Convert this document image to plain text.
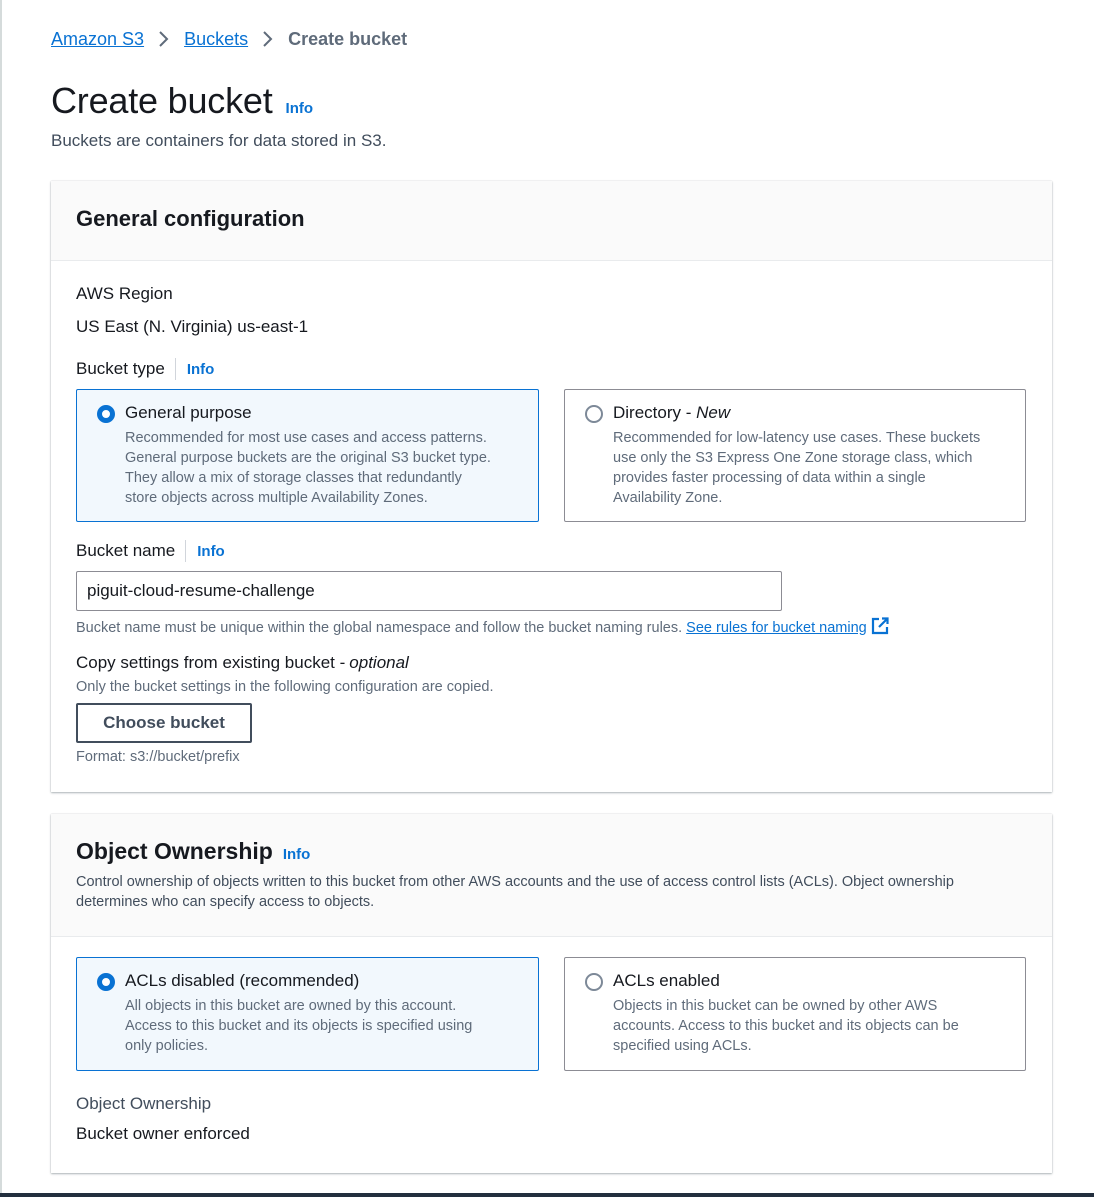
Amazon S3 Buckets Create bucket
Create bucket Info

Buckets are containers for data stored in S3.

General configuration
AWS Region
US East (N. Virginia) us-east-1
Bucket type Info
General purpose
Recommended for most use cases and access patterns.
General purpose buckets are the original S3 bucket type.
They allow a mix of storage classes that redundantly
store objects across multiple Availability Zones.
Directory - New
Recommended for low-latency use cases. These buckets
use only the S3 Express One Zone storage class, which
provides faster processing of data within a single
Availability Zone.
Bucket name Info
piguit-cloud-resume-challenge
Bucket name must be unique within the global namespace and follow the bucket naming rules. See rules for bucket naming
Copy settings from existing bucket - optional
Only the bucket settings in the following configuration are copied.
Choose bucket
Format: s3://bucket/prefix
Object Ownership Info
Control ownership of objects written to this bucket from other AWS accounts and the use of access control lists (ACLs). Object ownership
determines who can specify access to objects.
ACLs disabled (recommended)
All objects in this bucket are owned by this account.
Access to this bucket and its objects is specified using
only policies.
ACLs enabled
Objects in this bucket can be owned by other AWS
accounts. Access to this bucket and its objects can be
specified using ACLs.
Object Ownership
Bucket owner enforced
